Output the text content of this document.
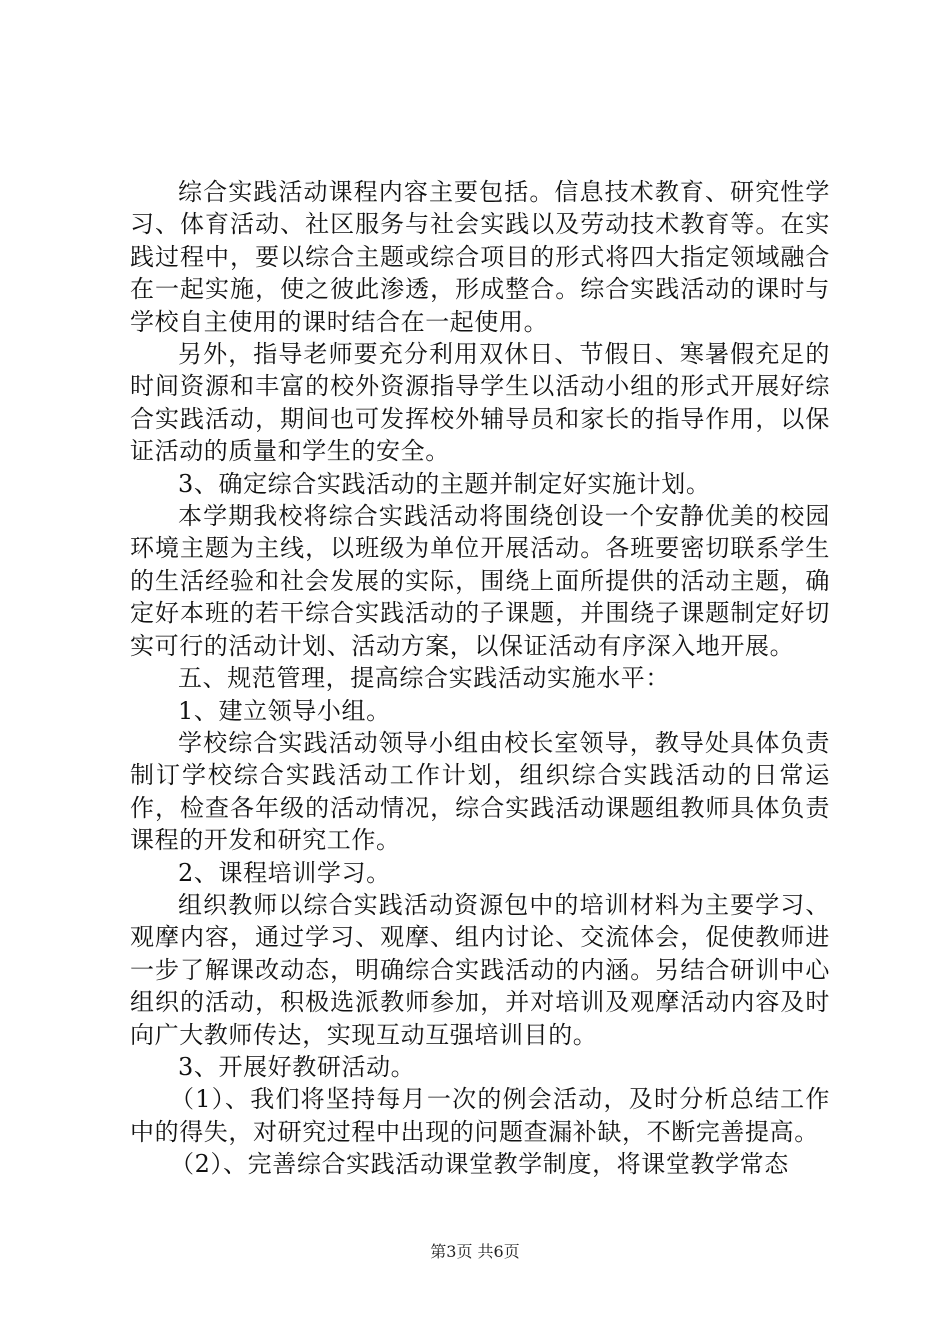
综合实践活动课程内容主要包括。信息技术教育、研究性学习、体育活动、社区服务与社会实践以及劳动技术教育等。在实践过程中，要以综合主题或综合项目的形式将四大指定领域融合在一起实施，使之彼此渗透，形成整合。综合实践活动的课时与学校自主使用的课时结合在一起使用。

另外，指导老师要充分利用双休日、节假日、寒暑假充足的时间资源和丰富的校外资源指导学生以活动小组的形式开展好综合实践活动，期间也可发挥校外辅导员和家长的指导作用，以保证活动的质量和学生的安全。

3、确定综合实践活动的主题并制定好实施计划。

本学期我校将综合实践活动将围绕创设一个安静优美的校园环境主题为主线，以班级为单位开展活动。各班要密切联系学生的生活经验和社会发展的实际，围绕上面所提供的活动主题，确定好本班的若干综合实践活动的子课题，并围绕子课题制定好切实可行的活动计划、活动方案，以保证活动有序深入地开展。

五、规范管理，提高综合实践活动实施水平：

1、建立领导小组。

学校综合实践活动领导小组由校长室领导，教导处具体负责制订学校综合实践活动工作计划，组织综合实践活动的日常运作，检查各年级的活动情况，综合实践活动课题组教师具体负责课程的开发和研究工作。

2、课程培训学习。

组织教师以综合实践活动资源包中的培训材料为主要学习、观摩内容，通过学习、观摩、组内讨论、交流体会，促使教师进一步了解课改动态，明确综合实践活动的内涵。另结合研训中心组织的活动，积极选派教师参加，并对培训及观摩活动内容及时向广大教师传达，实现互动互强培训目的。

3、开展好教研活动。

（1）、我们将坚持每月一次的例会活动，及时分析总结工作中的得失，对研究过程中出现的问题查漏补缺，不断完善提高。

（2）、完善综合实践活动课堂教学制度，将课堂教学常态

第3页 共6页
